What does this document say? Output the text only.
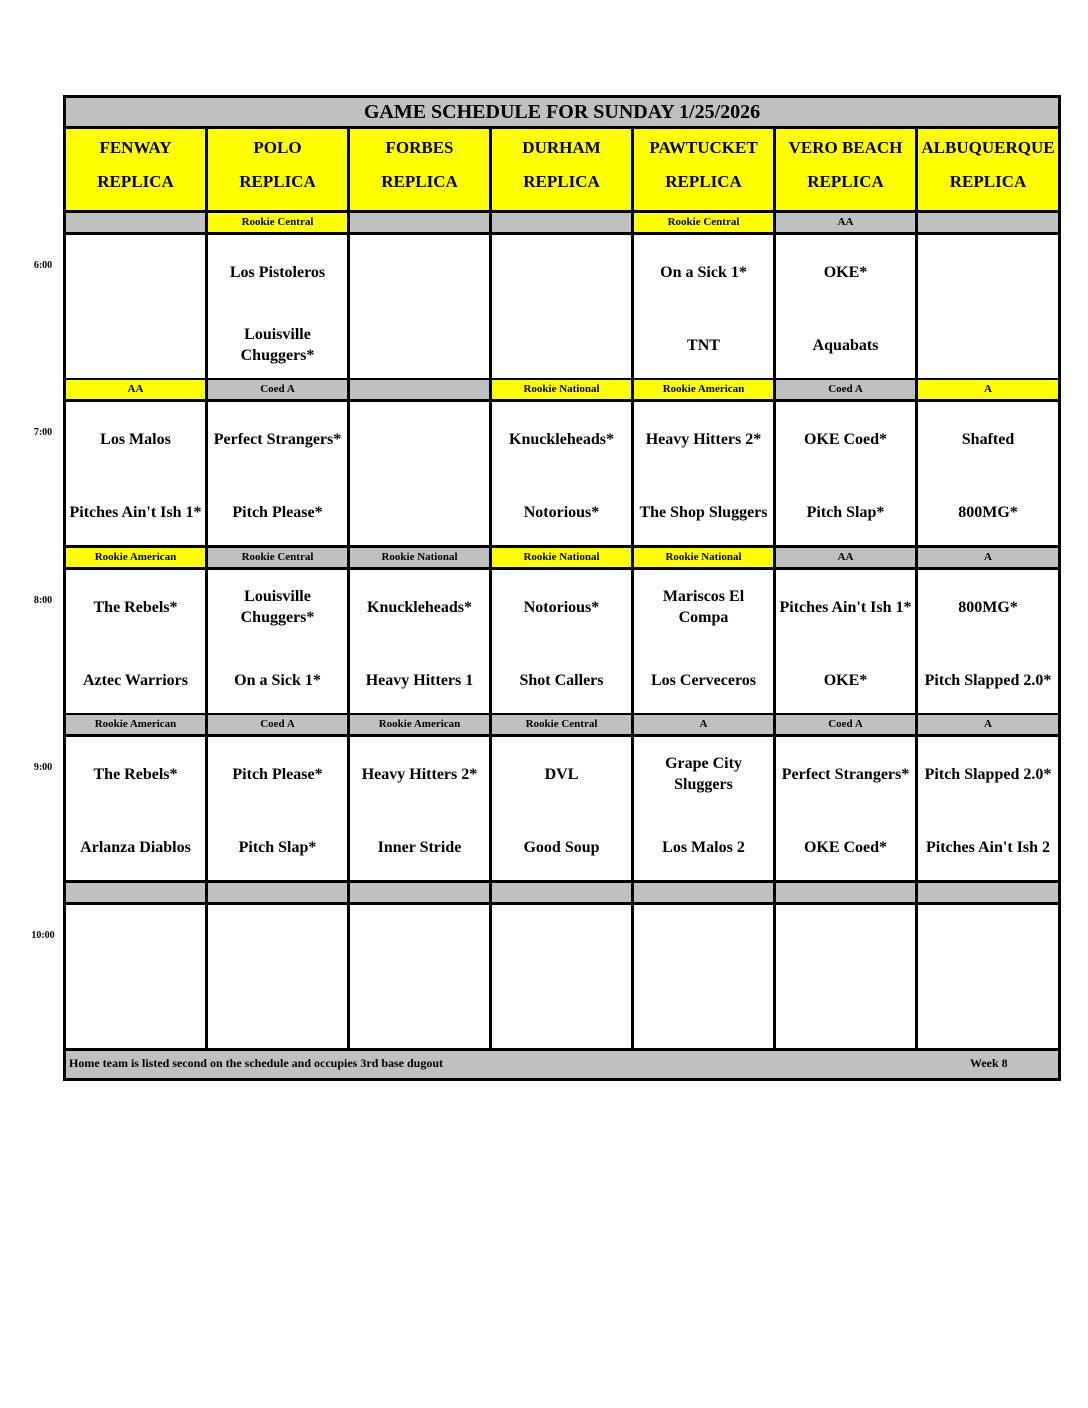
GAME SCHEDULE FOR SUNDAY 1/25/2026
Home team is listed second on the schedule and occupies 3rd base dugout	Week 8
FENWAY
REPLICA
POLO
REPLICA
FORBES
REPLICA
DURHAM
REPLICA
PAWTUCKET
REPLICA
VERO BEACH
REPLICA
ALBUQUERQUE
REPLICA
Rookie Central
Los Pistoleros
Louisville Chuggers*
Rookie Central
On a Sick 1*
TNT
AA
OKE*
Aquabats
AA
Los Malos
Pitches Ain't Ish 1*
Coed A
Perfect Strangers*
Pitch Please*
Rookie National
Knuckleheads*
Notorious*
Rookie American
Heavy Hitters 2*
The Shop Sluggers
Coed A
OKE Coed*
Pitch Slap*
A
Shafted
800MG*
Rookie American
The Rebels*
Aztec Warriors
Rookie Central
Louisville Chuggers*
On a Sick 1*
Rookie National
Knuckleheads*
Heavy Hitters 1
Rookie National
Notorious*
Shot Callers
Rookie National
Mariscos El Compa
Los Cerveceros
AA
Pitches Ain't Ish 1*
OKE*
A
800MG*
Pitch Slapped 2.0*
Rookie American
The Rebels*
Arlanza Diablos
Coed A
Pitch Please*
Pitch Slap*
Rookie American
Heavy Hitters 2*
Inner Stride
Rookie Central
DVL
Good Soup
A
Grape City Sluggers
Los Malos 2
Coed A
Perfect Strangers*
OKE Coed*
A
Pitch Slapped 2.0*
Pitches Ain't Ish 2
6:00
7:00
8:00
9:00
10:00
